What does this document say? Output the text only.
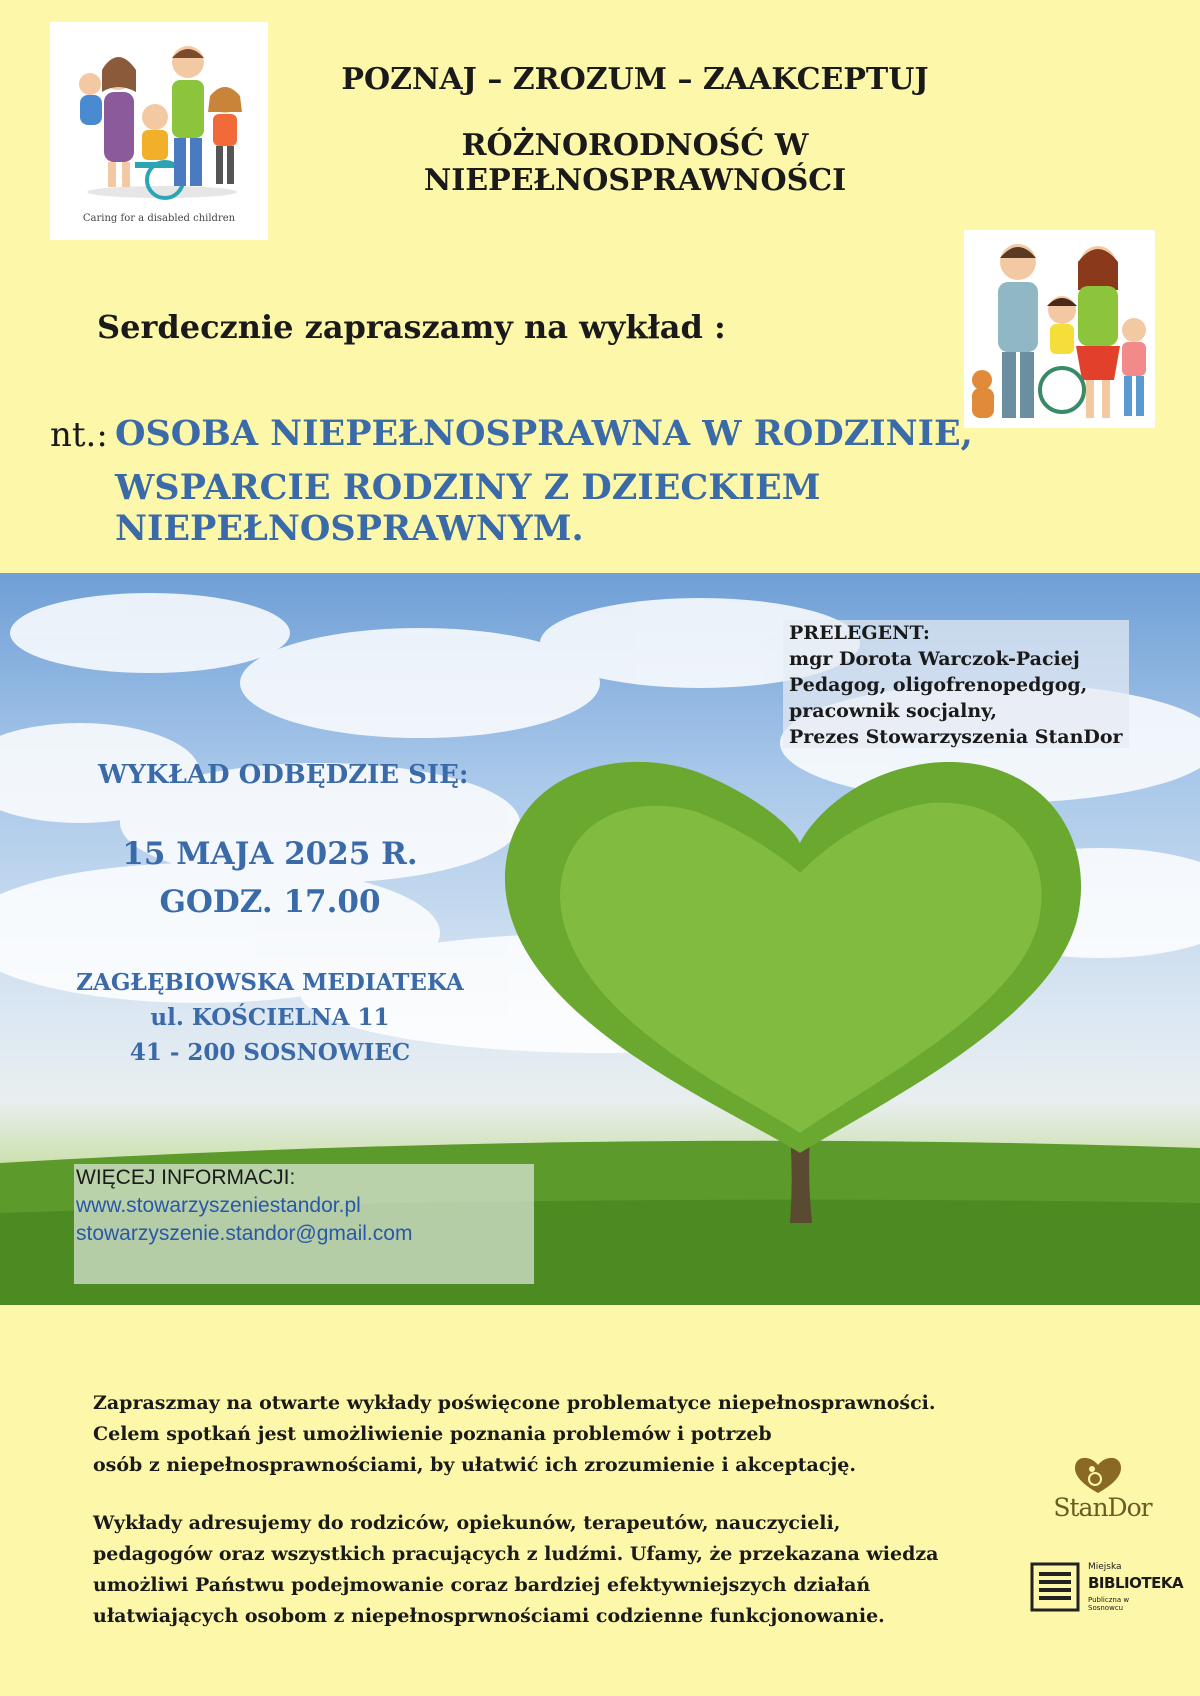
Caring for a disabled children
POZNAJ – ZROZUM – ZAAKCEPTUJ
RÓŻNORODNOŚĆ W NIEPEŁNOSPRAWNOŚCI
Serdecznie zapraszamy na wykład :
nt.: OSOBA NIEPEŁNOSPRAWNA W RODZINIE,
WSPARCIE RODZINY Z DZIECKIEM NIEPEŁNOSPRAWNYM.
PRELEGENT:
mgr Dorota Warczok-Paciej
Pedagog, oligofrenopedgog,
pracownik socjalny,
Prezes Stowarzyszenia StanDor
WYKŁAD ODBĘDZIE SIĘ:
15 MAJA 2025 R.
GODZ. 17.00
ZAGŁĘBIOWSKA MEDIATEKA
ul. KOŚCIELNA 11
41 - 200 SOSNOWIEC
WIĘCEJ INFORMACJI:
www.stowarzyszeniestandor.pl
stowarzyszenie.standor@gmail.com
Zapraszmay na otwarte wykłady poświęcone problematyce niepełnosprawności.
Celem spotkań jest umożliwienie poznania problemów i potrzeb
osób z niepełnosprawnościami, by ułatwić ich zrozumienie i akceptację.
Wykłady adresujemy do rodziców, opiekunów, terapeutów, nauczycieli,
pedagogów oraz wszystkich pracujących z ludźmi. Ufamy, że przekazana wiedza
umożliwi Państwu podejmowanie coraz bardziej efektywniejszych działań
ułatwiających osobom z niepełnosprwnościami codzienne funkcjonowanie.
StanDor
Miejska
BIBLIOTEKA
Publiczna w Sosnowcu
